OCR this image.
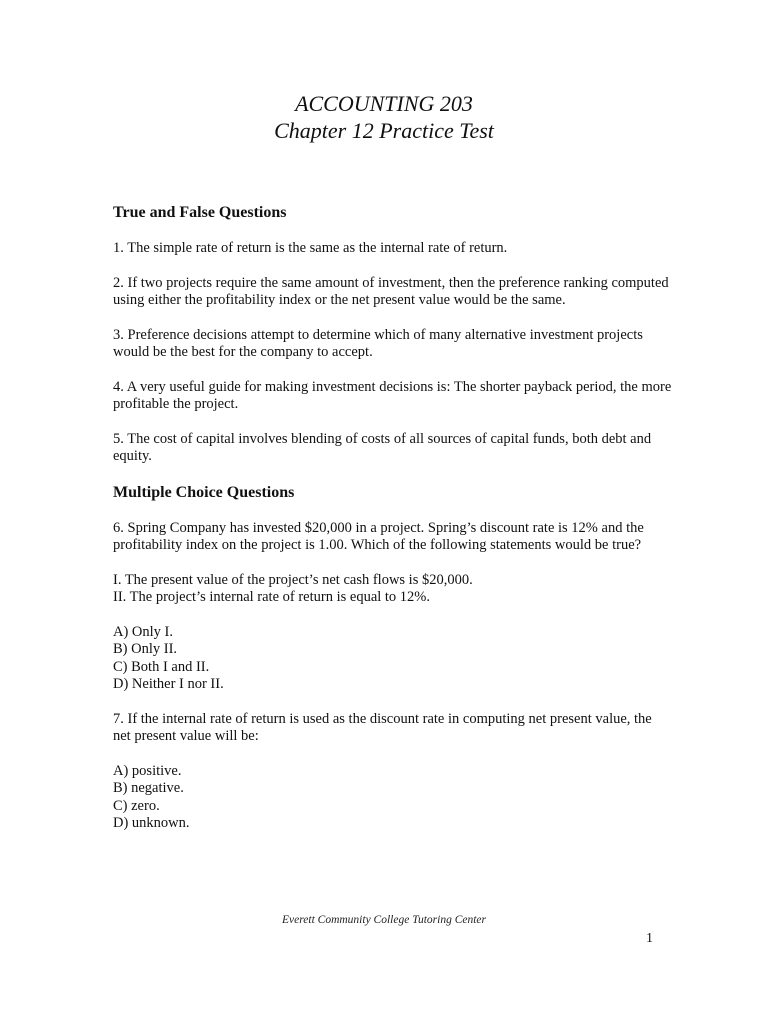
ACCOUNTING 203
Chapter 12 Practice Test
True and False Questions

1. The simple rate of return is the same as the internal rate of return.

2. If two projects require the same amount of investment, then the preference ranking computed using either the profitability index or the net present value would be the same.

3. Preference decisions attempt to determine which of many alternative investment projects would be the best for the company to accept.

4. A very useful guide for making investment decisions is: The shorter payback period, the more profitable the project.

5. The cost of capital involves blending of costs of all sources of capital funds, both debt and equity.

Multiple Choice Questions

6. Spring Company has invested $20,000 in a project. Spring’s discount rate is 12% and the profitability index on the project is 1.00. Which of the following statements would be true?

I. The present value of the project’s net cash flows is $20,000.

II. The project’s internal rate of return is equal to 12%.

A) Only I.

B) Only II.

C) Both I and II.

D) Neither I nor II.

7. If the internal rate of return is used as the discount rate in computing net present value, the net present value will be:

A) positive.

B) negative.

C) zero.

D) unknown.

Everett Community College Tutoring Center
1
